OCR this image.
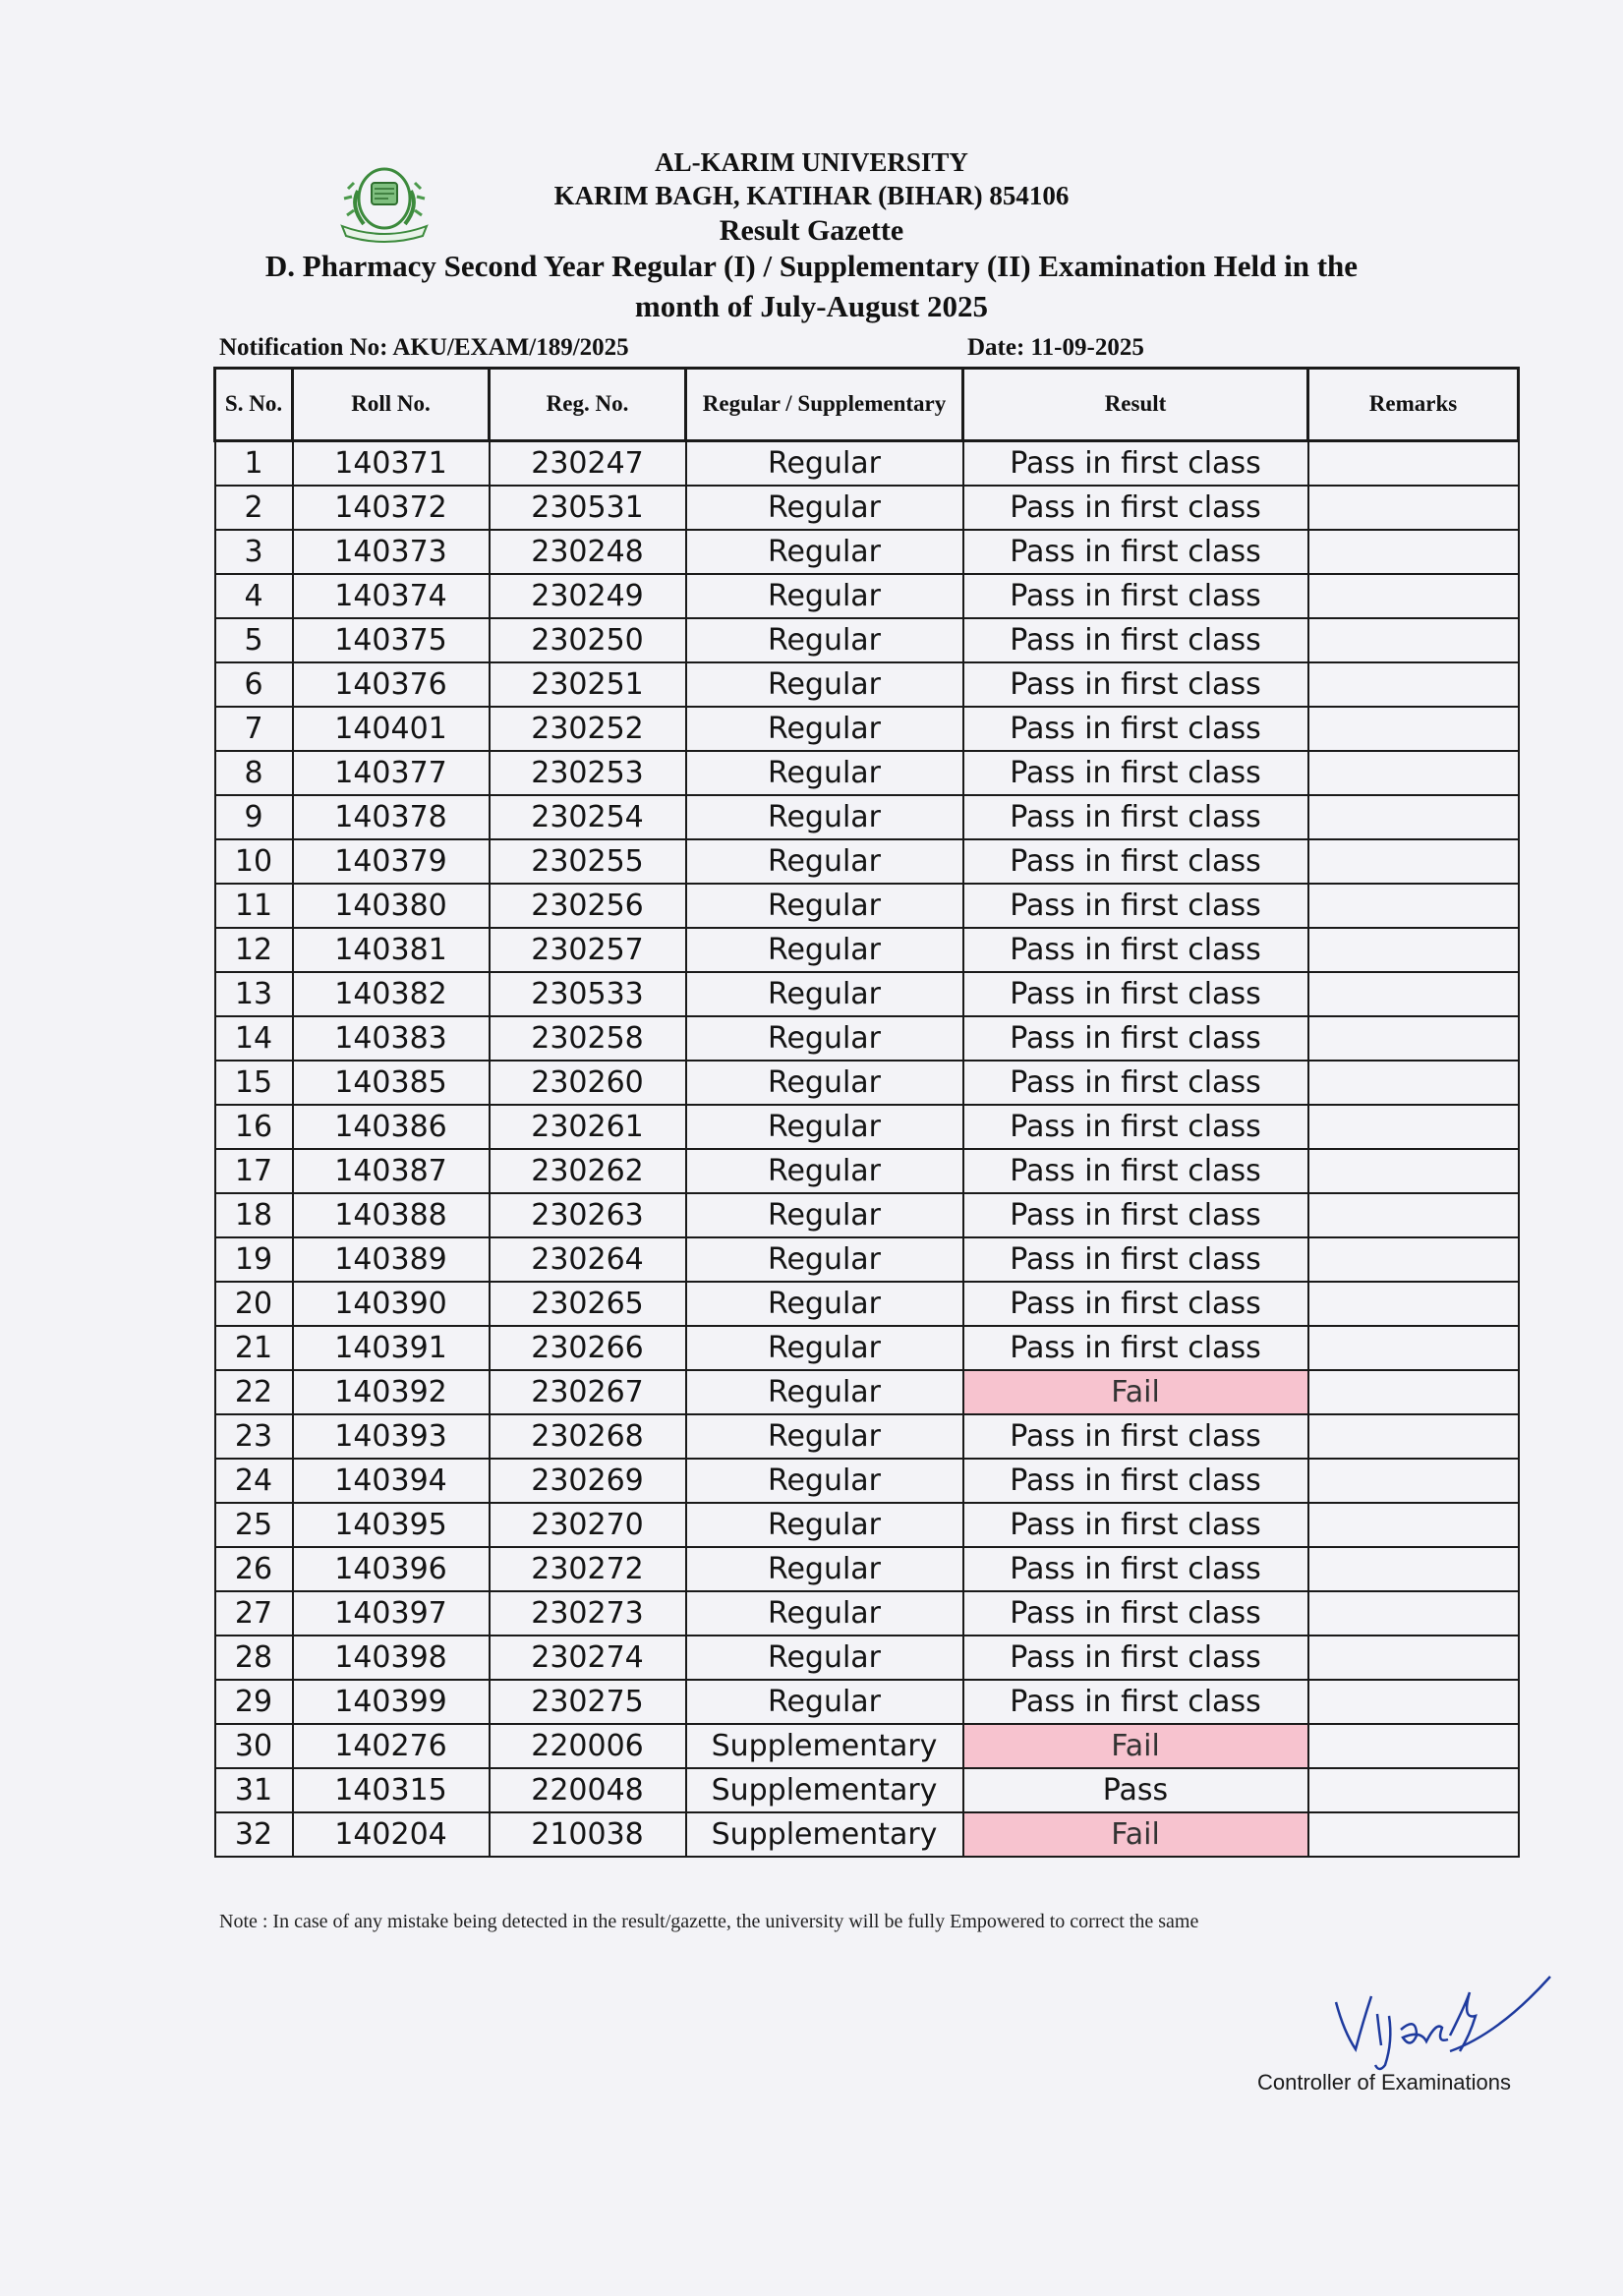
AL-KARIM UNIVERSITY
KARIM BAGH, KATIHAR (BIHAR) 854106
Result Gazette
D. Pharmacy Second Year Regular (I) / Supplementary (II) Examination Held in the
month of July-August 2025
Notification No: AKU/EXAM/189/2025	Date: 11-09-2025
S. No.	Roll No.	Reg. No.	Regular / Supplementary	Result	Remarks
1	140371	230247	Regular	Pass in first class	
2	140372	230531	Regular	Pass in first class	
3	140373	230248	Regular	Pass in first class	
4	140374	230249	Regular	Pass in first class	
5	140375	230250	Regular	Pass in first class	
6	140376	230251	Regular	Pass in first class	
7	140401	230252	Regular	Pass in first class	
8	140377	230253	Regular	Pass in first class	
9	140378	230254	Regular	Pass in first class	
10	140379	230255	Regular	Pass in first class	
11	140380	230256	Regular	Pass in first class	
12	140381	230257	Regular	Pass in first class	
13	140382	230533	Regular	Pass in first class	
14	140383	230258	Regular	Pass in first class	
15	140385	230260	Regular	Pass in first class	
16	140386	230261	Regular	Pass in first class	
17	140387	230262	Regular	Pass in first class	
18	140388	230263	Regular	Pass in first class	
19	140389	230264	Regular	Pass in first class	
20	140390	230265	Regular	Pass in first class	
21	140391	230266	Regular	Pass in first class	
22	140392	230267	Regular	Fail	
23	140393	230268	Regular	Pass in first class	
24	140394	230269	Regular	Pass in first class	
25	140395	230270	Regular	Pass in first class	
26	140396	230272	Regular	Pass in first class	
27	140397	230273	Regular	Pass in first class	
28	140398	230274	Regular	Pass in first class	
29	140399	230275	Regular	Pass in first class	
30	140276	220006	Supplementary	Fail	
31	140315	220048	Supplementary	Pass	
32	140204	210038	Supplementary	Fail	
Note : In case of any mistake being detected in the result/gazette, the university will be fully Empowered to correct the same
Controller of Examinations
